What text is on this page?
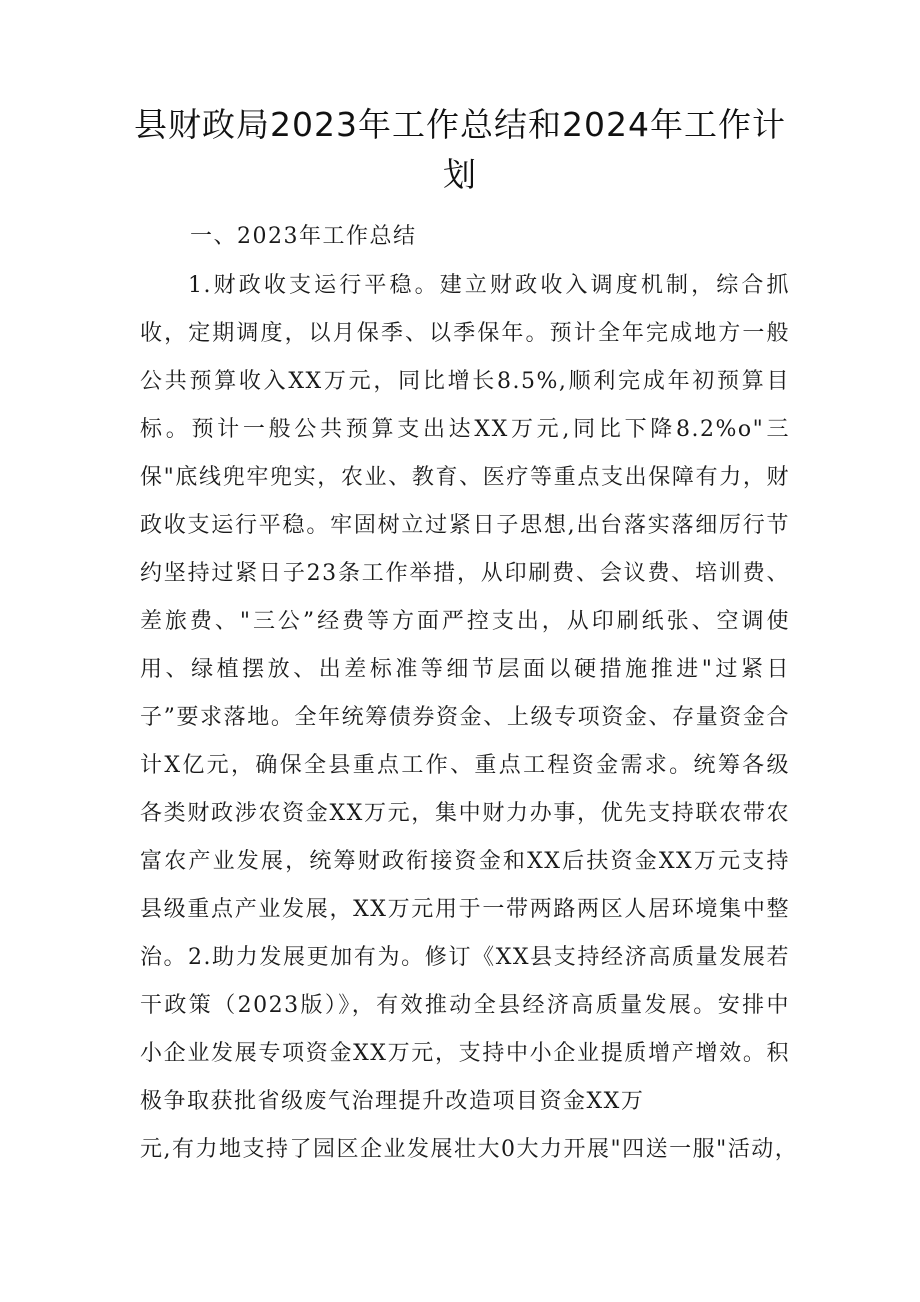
县财政局2023年工作总结和2024年工作计划

一、2023年工作总结

1.财政收支运行平稳。建立财政收入调度机制，综合抓收，定期调度，以月保季、以季保年。预计全年完成地方一般公共预算收入XX万元，同比增长8.5%,顺利完成年初预算目标。预计一般公共预算支出达XX万元,同比下降8.2%o"三保"底线兜牢兜实，农业、教育、医疗等重点支出保障有力，财政收支运行平稳。牢固树立过紧日子思想,出台落实落细厉行节约坚持过紧日子23条工作举措，从印刷费、会议费、培训费、差旅费、"三公”经费等方面严控支出，从印刷纸张、空调使用、绿植摆放、出差标准等细节层面以硬措施推进"过紧日子”要求落地。全年统筹债券资金、上级专项资金、存量资金合计X亿元，确保全县重点工作、重点工程资金需求。统筹各级各类财政涉农资金XX万元，集中财力办事，优先支持联农带农富农产业发展，统筹财政衔接资金和XX后扶资金XX万元支持县级重点产业发展，XX万元用于一带两路两区人居环境集中整治。 2.助力发展更加有为。修订《XX县支持经济高质量发展若干政策（2023版）》，有效推动全县经济高质量发展。安排中小企业发展专项资金XX万元，支持中小企业提质增产增效。积极争取获批省级废气治理提升改造项目资金XX万

元,有力地支持了园区企业发展壮大0大力开展"四送一服"活动，
